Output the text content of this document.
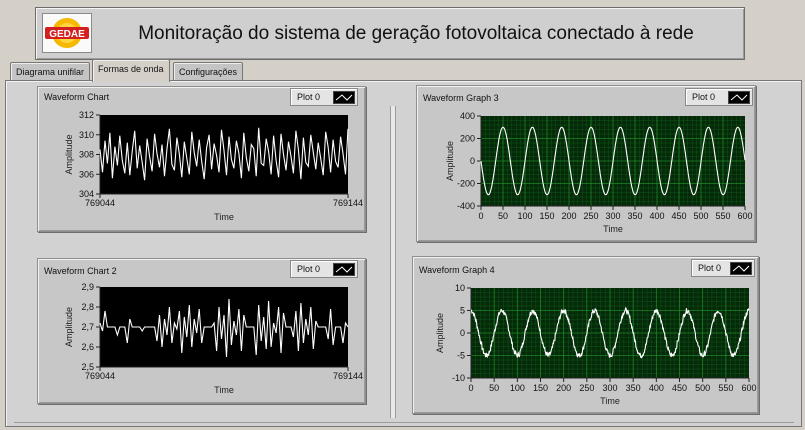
GEDAE	Monitoração do sistema de geração fotovoltaica conectado à rede
Diagrama unifilar	Formas de onda	Configurações
Waveform Chart	Plot 0
312
310
308
306
304
769044	769144
Time
Amplitude
Waveform Chart 2	Plot 0
2,9
2,8
2,7
2,6
2,5
769044	769144
Time
Amplitude
Waveform Graph 3	Plot 0
400
200
0
-200
-400
0 50 100 150 200 250 300 350 400 450 500 550 600
Time
Amplitude
Waveform Graph 4	Plot 0
10
5
0
-5
-10
0 50 100 150 200 250 300 350 400 450 500 550 600
Time
Amplitude
